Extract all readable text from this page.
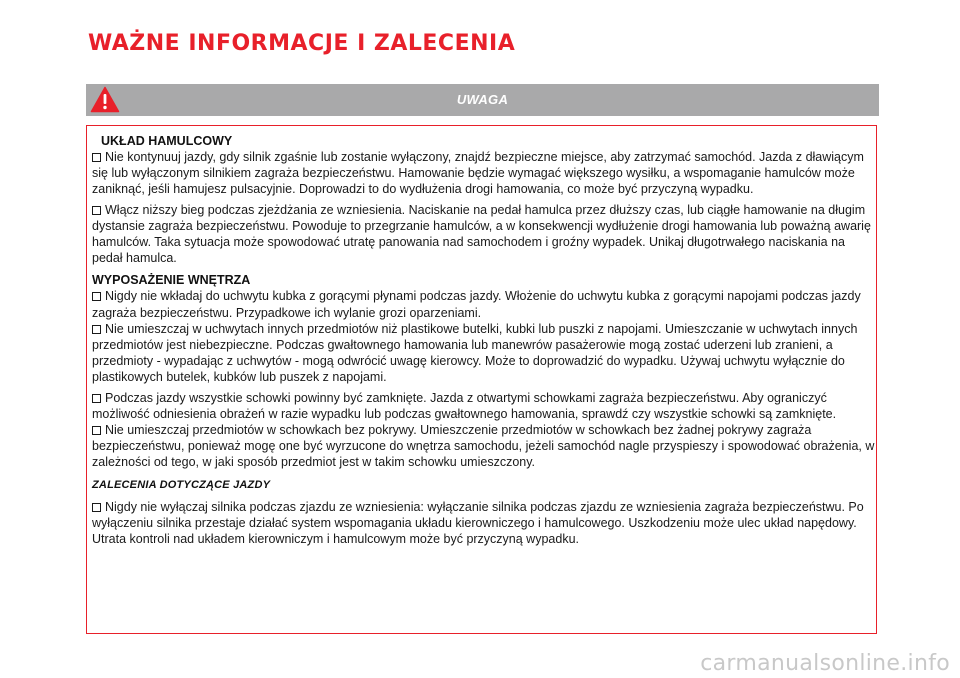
WAŻNE INFORMACJE I ZALECENIA
UWAGA
UKŁAD HAMULCOWY

Nie kontynuuj jazdy, gdy silnik zgaśnie lub zostanie wyłączony, znajdź bezpieczne miejsce, aby zatrzymać samochód. Jazda z dławiącym się lub wyłączonym silnikiem zagraża bezpieczeństwu. Hamowanie będzie wymagać większego wysiłku, a wspomaganie hamulców może zaniknąć, jeśli hamujesz pulsacyjnie. Doprowadzi to do wydłużenia drogi hamowania, co może być przyczyną wypadku.

Włącz niższy bieg podczas zjeżdżania ze wzniesienia. Naciskanie na pedał hamulca przez dłuższy czas, lub ciągłe hamowanie na długim dystansie zagraża bezpieczeństwu. Powoduje to przegrzanie hamulców, a w konsekwencji wydłużenie drogi hamowania lub poważną awarię hamulców. Taka sytuacja może spowodować utratę panowania nad samochodem i groźny wypadek. Unikaj długotrwałego naciskania na pedał hamulca.

WYPOSAŻENIE WNĘTRZA

Nigdy nie wkładaj do uchwytu kubka z gorącymi płynami podczas jazdy. Włożenie do uchwytu kubka z gorącymi napojami podczas jazdy zagraża bezpieczeństwu. Przypadkowe ich wylanie grozi oparzeniami.

Nie umieszczaj w uchwytach innych przedmiotów niż plastikowe butelki, kubki lub puszki z napojami. Umieszczanie w uchwytach innych przedmiotów jest niebezpieczne. Podczas gwałtownego hamowania lub manewrów pasażerowie mogą zostać uderzeni lub zranieni, a przedmioty - wypadając z uchwytów - mogą odwrócić uwagę kierowcy. Może to doprowadzić do wypadku. Używaj uchwytu wyłącznie do plastikowych butelek, kubków lub puszek z napojami.

Podczas jazdy wszystkie schowki powinny być zamknięte. Jazda z otwartymi schowkami zagraża bezpieczeństwu. Aby ograniczyć możliwość odniesienia obrażeń w razie wypadku lub podczas gwałtownego hamowania, sprawdź czy wszystkie schowki są zamknięte.

Nie umieszczaj przedmiotów w schowkach bez pokrywy. Umieszczenie przedmiotów w schowkach bez żadnej pokrywy zagraża bezpieczeństwu, ponieważ mogę one być wyrzucone do wnętrza samochodu, jeżeli samochód nagle przyspieszy i spowodować obrażenia, w zależności od tego, w jaki sposób przedmiot jest w takim schowku umieszczony.

ZALECENIA DOTYCZĄCE JAZDY

Nigdy nie wyłączaj silnika podczas zjazdu ze wzniesienia: wyłączanie silnika podczas zjazdu ze wzniesienia zagraża bezpieczeństwu. Po wyłączeniu silnika przestaje działać system wspomagania układu kierowniczego i hamulcowego. Uszkodzeniu może ulec układ napędowy. Utrata kontroli nad układem kierowniczym i hamulcowym może być przyczyną wypadku.

carmanualsonline.info
